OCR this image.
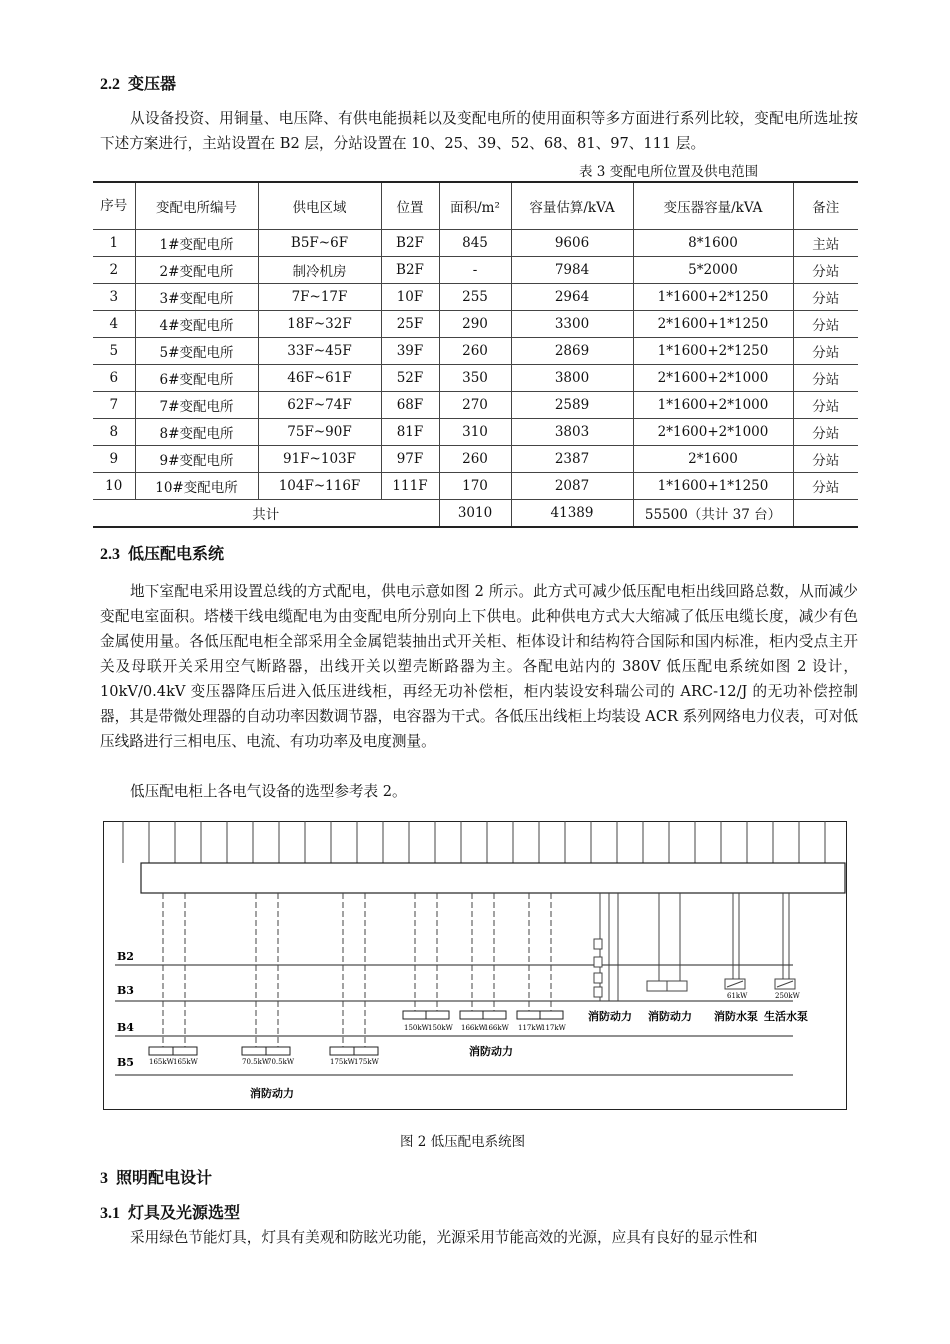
2.2 变压器

从设备投资、用铜量、电压降、有供电能损耗以及变配电所的使用面积等多方面进行系列比较，变配电所选址按下述方案进行，主站设置在 B2 层，分站设置在 10、25、39、52、68、81、97、111 层。

表 3 变配电所位置及供电范围

序号	变配电所编号	供电区域	位置	面积/m²	容量估算/kVA	变压器容量/kVA	备注
1	1#变配电所	B5F~6F	B2F	845	9606	8*1600	主站
2	2#变配电所	制冷机房	B2F	-	7984	5*2000	分站
3	3#变配电所	7F~17F	10F	255	2964	1*1600+2*1250	分站
4	4#变配电所	18F~32F	25F	290	3300	2*1600+1*1250	分站
5	5#变配电所	33F~45F	39F	260	2869	1*1600+2*1250	分站
6	6#变配电所	46F~61F	52F	350	3800	2*1600+2*1000	分站
7	7#变配电所	62F~74F	68F	270	2589	1*1600+2*1000	分站
8	8#变配电所	75F~90F	81F	310	3803	2*1600+2*1000	分站
9	9#变配电所	91F~103F	97F	260	2387	2*1600	分站
10	10#变配电所	104F~116F	111F	170	2087	1*1600+1*1250	分站
共计				3010	41389	55500（共计 37 台）	
2.3 低压配电系统

地下室配电采用设置总线的方式配电，供电示意如图 2 所示。此方式可减少低压配电柜出线回路总数，从而减少变配电室面积。塔楼干线电缆配电为由变配电所分别向上下供电。此种供电方式大大缩减了低压电缆长度，减少有色金属使用量。各低压配电柜全部采用全金属铠装抽出式开关柜、柜体设计和结构符合国际和国内标准，柜内受点主开关及母联开关采用空气断路器，出线开关以塑壳断路器为主。各配电站内的 380V 低压配电系统如图 2 设计，10kV/0.4kV 变压器降压后进入低压进线柜，再经无功补偿柜，柜内装设安科瑞公司的 ARC-12/J 的无功补偿控制器，其是带微处理器的自动功率因数调节器，电容器为干式。各低压出线柜上均装设 ACR 系列网络电力仪表，可对低压线路进行三相电压、电流、有功功率及电度测量。

低压配电柜上各电气设备的选型参考表 2。

B2
B3
B4
B5 165kW 165kW	70.5kW
70.5kW	175kW 175kW
消防动力
150kW 150kW 166kW
166kW 117kW
117kW
消防动力
消防动力 消防动力
61kW
消防水泵
250kW
生活水泵

图 2 低压配电系统图

3 照明配电设计
3.1 灯具及光源选型

采用绿色节能灯具，灯具有美观和防眩光功能，光源采用节能高效的光源，应具有良好的显示性和
